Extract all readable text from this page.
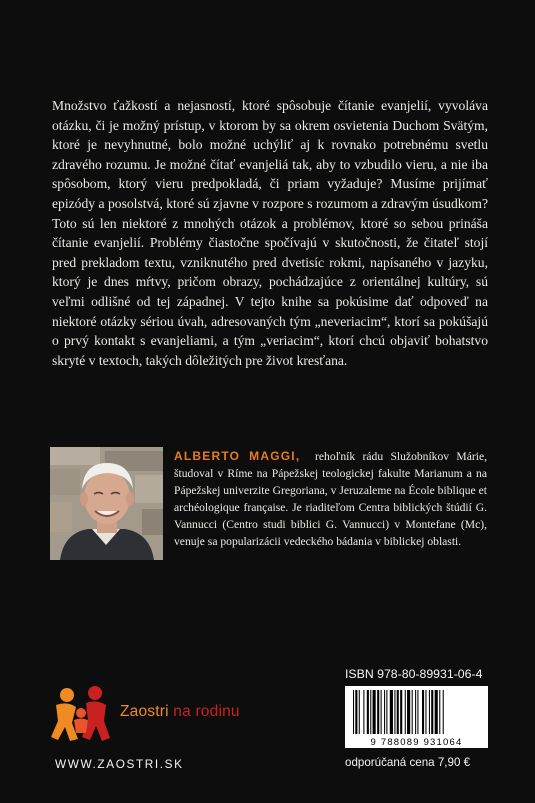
Množstvo ťažkostí a nejasností, ktoré spôsobuje čítanie evanjelií, vyvoláva otázku, či je možný prístup, v ktorom by sa okrem osvietenia Duchom Svätým, ktoré je nevyhnutné, bolo možné uchýliť aj k rovnako potrebnému svetlu zdravého rozumu. Je možné čítať evanjeliá tak, aby to vzbudilo vieru, a nie iba spôsobom, ktorý vieru predpokladá, či priam vyžaduje? Musíme prijímať epizódy a posolstvá, ktoré sú zjavne v rozpore s rozumom a zdravým úsudkom? Toto sú len niektoré z mnohých otázok a problémov, ktoré so sebou prináša čítanie evanjelií. Problémy čiastočne spočívajú v skutočnosti, že čitateľ stojí pred prekladom textu, vzniknutého pred dvetisíc rokmi, napísaného v jazyku, ktorý je dnes mŕtvy, pričom obrazy, pochádzajúce z orientálnej kultúry, sú veľmi odlišné od tej západnej. V tejto knihe sa pokúsime dať odpoveď na niektoré otázky sériou úvah, adresovaných tým „neveriacim“, ktorí sa pokúšajú o prvý kontakt s evanjeliami, a tým „veriacim“, ktorí chcú objaviť bohatstvo skryté v textoch, takých dôležitých pre život kresťana.

ALBERTO MAGGI, rehoľník rádu Služobníkov Márie, študoval v Ríme na Pápežskej teologickej fakulte Marianum a na Pápežskej univerzite Gregoriana, v Jeruzaleme na École biblique et archéologique française. Je riaditeľom Centra biblických štúdií G. Vannucci (Centro studi biblici G. Vannucci) v Montefane (Mc), venuje sa popularizácii vedeckého bádania v biblickej oblasti.

ISBN 978-80-89931-06-4
9 788089 931064
odporúčaná cena 7,90 €
Zaostri na rodinu
WWW.ZAOSTRI.SK
